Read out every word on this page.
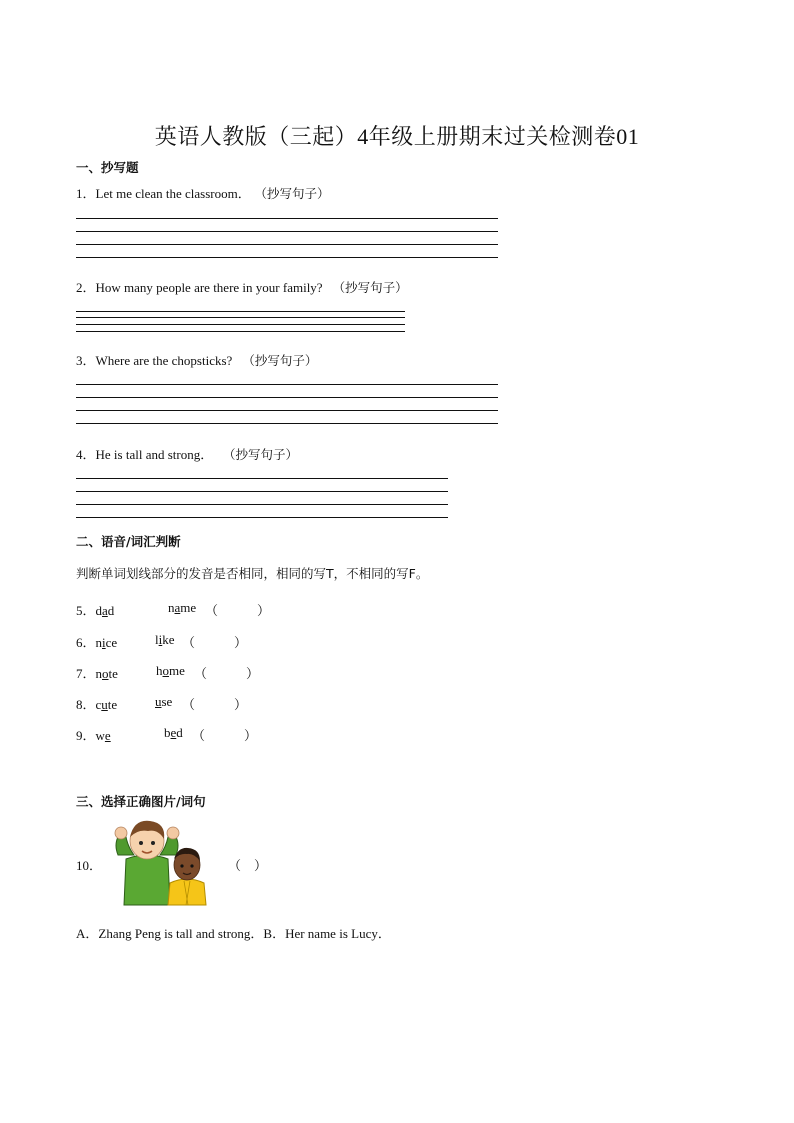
英语人教版（三起）4年级上册期末过关检测卷01
一、抄写题
1．Let me clean the classroom． （抄写句子）
2．How many people are there in your family? （抄写句子）
3．Where are the chopsticks? （抄写句子）
4．He is tall and strong． （抄写句子）
二、语音/词汇判断
判断单词划线部分的发音是否相同，相同的写T，不相同的写F。
5．dad	name （　　　）
6．nice	like （　　　）
7．note	home （　　　）
8．cute	use （　　　）
9．we	bed （　　　）
三、选择正确图片/词句
10．	（　）
A．Zhang Peng is tall and strong．B．Her name is Lucy．
